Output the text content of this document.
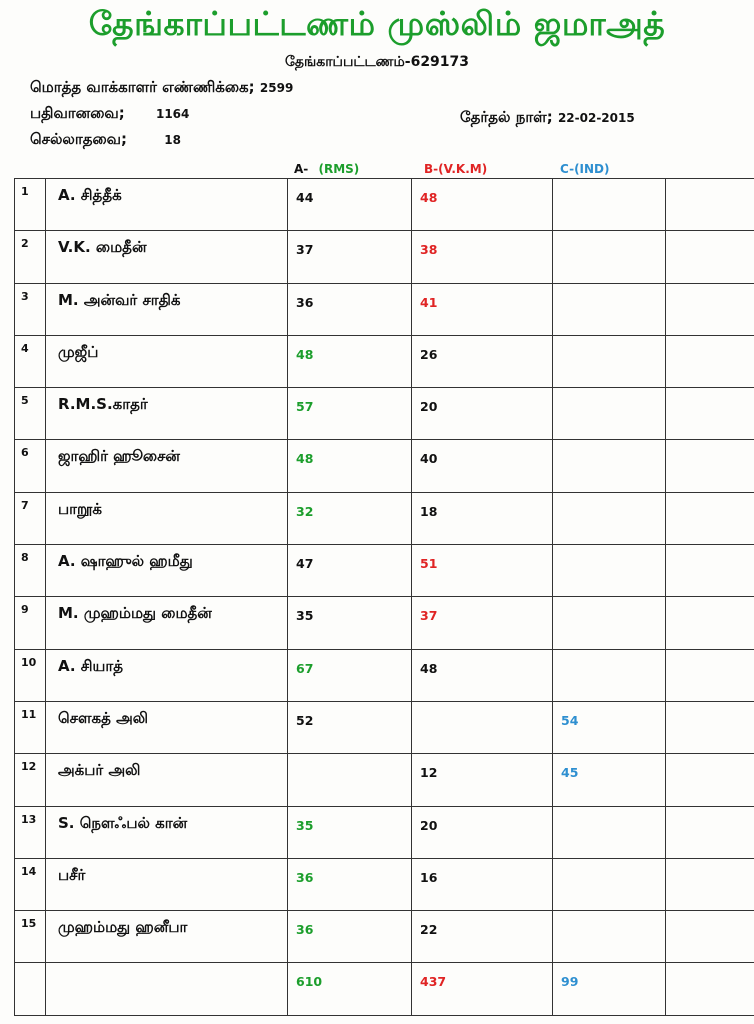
தேங்காப்பட்டணம் முஸ்லிம் ஜமாஅத்
தேங்காப்பட்டணம்-629173
மொத்த வாக்காளர் எண்ணிக்கை; 2599
பதிவானவை;	1164
செல்லாதவை;	18
தேர்தல் நாள்; 22-02-2015
A- (RMS)	B-(V.K.M)	C-(IND)
1	A. சித்தீக்	44	48		

2	V.K. மைதீன்	37	38		

3	M. அன்வர் சாதிக்	36	41		

4	முஜீப்	48	26		

5	R.M.S.காதர்	57	20		

6	ஜாஹிர் ஹூசைன்	48	40		

7	பாறூக்	32	18		

8	A. ஷாஹுல் ஹமீது	47	51		

9	M. முஹம்மது மைதீன்	35	37		

10	A. சியாத்	67	48		

11	சௌகத் அலி	52		54	

12	அக்பர் அலி		12	45	

13	S. நௌஃபல் கான்	35	20		

14	பசீர்	36	16		

15	முஹம்மது ஹனீபா	36	22		

		610	437	99	
